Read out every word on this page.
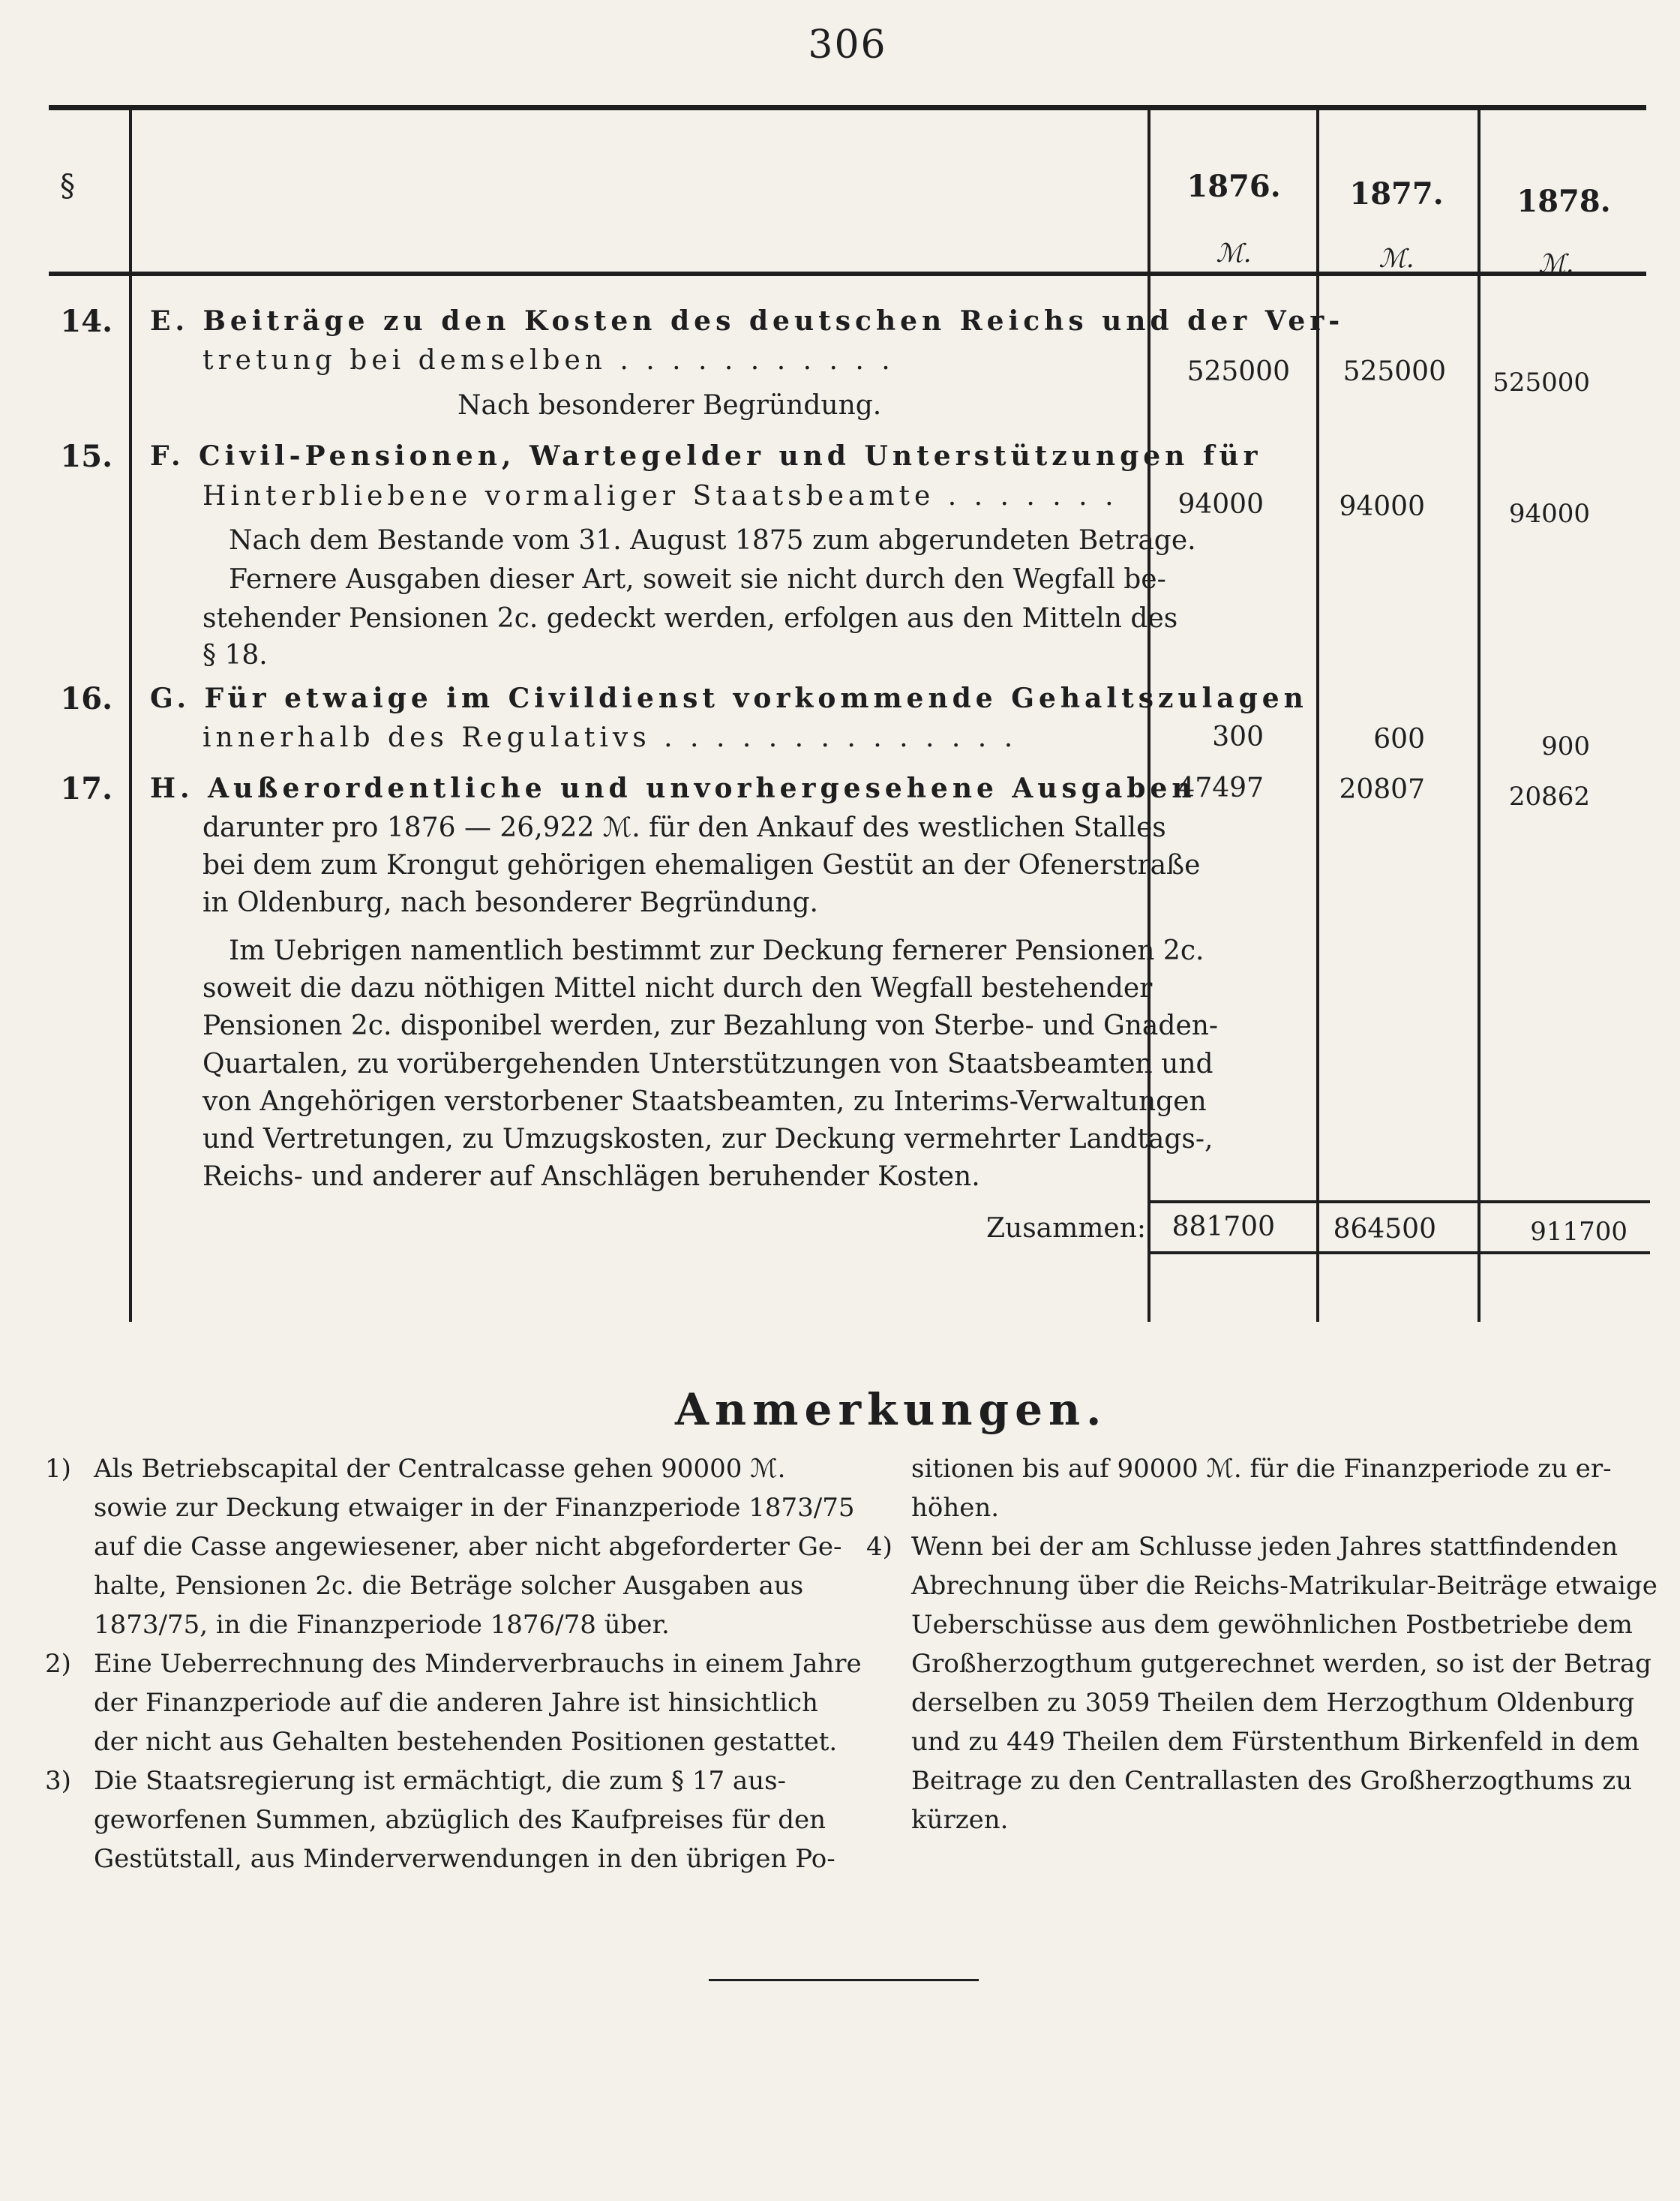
306
§	1876.	1877.	1878.
ℳ.	ℳ.	ℳ.
14. E. Beiträge zu den Kosten des deutschen Reichs und der Ver-
tretung bei demselben . . . . . . . . . . .
Nach besonderer Begründung.
525000	525000	525000
15. F. Civil-Pensionen, Wartegelder und Unterstützungen für
Hinterbliebene vormaliger Staatsbeamte . . . . . . .
Nach dem Bestande vom 31. August 1875 zum abgerundeten Betrage.
Fernere Ausgaben dieser Art, soweit sie nicht durch den Wegfall be-
stehender Pensionen 2c. gedeckt werden, erfolgen aus den Mitteln des
§ 18.
94000	94000	94000
16. G. Für etwaige im Civildienst vorkommende Gehaltszulagen
innerhalb des Regulativs . . . . . . . . . . . . . .	300	600	900
17. H. Außerordentliche und unvorhergesehene Ausgaben
darunter pro 1876 — 26,922 ℳ. für den Ankauf des westlichen Stalles
bei dem zum Krongut gehörigen ehemaligen Gestüt an der Ofenerstraße
in Oldenburg, nach besonderer Begründung.
Im Uebrigen namentlich bestimmt zur Deckung fernerer Pensionen 2c.
soweit die dazu nöthigen Mittel nicht durch den Wegfall bestehender
Pensionen 2c. disponibel werden, zur Bezahlung von Sterbe- und Gnaden-
Quartalen, zu vorübergehenden Unterstützungen von Staatsbeamten und
von Angehörigen verstorbener Staatsbeamten, zu Interims-Verwaltungen
und Vertretungen, zu Umzugskosten, zur Deckung vermehrter Landtags-,
Reichs- und anderer auf Anschlägen beruhender Kosten.
47497	20807	20862
Zusammen: 881700	864500	911700
Anmerkungen.
1) Als Betriebscapital der Centralcasse gehen 90000 ℳ.
sowie zur Deckung etwaiger in der Finanzperiode 1873/75
auf die Casse angewiesener, aber nicht abgeforderter Ge-
halte, Pensionen 2c. die Beträge solcher Ausgaben aus
1873/75, in die Finanzperiode 1876/78 über.
2) Eine Ueberrechnung des Minderverbrauchs in einem Jahre
der Finanzperiode auf die anderen Jahre ist hinsichtlich
der nicht aus Gehalten bestehenden Positionen gestattet.
3) Die Staatsregierung ist ermächtigt, die zum § 17 aus-
geworfenen Summen, abzüglich des Kaufpreises für den
Gestütstall, aus Minderverwendungen in den übrigen Po-
sitionen bis auf 90000 ℳ. für die Finanzperiode zu er-
höhen.
4) Wenn bei der am Schlusse jeden Jahres stattfindenden
Abrechnung über die Reichs-Matrikular-Beiträge etwaige
Ueberschüsse aus dem gewöhnlichen Postbetriebe dem
Großherzogthum gutgerechnet werden, so ist der Betrag
derselben zu 3059 Theilen dem Herzogthum Oldenburg
und zu 449 Theilen dem Fürstenthum Birkenfeld in dem
Beitrage zu den Centrallasten des Großherzogthums zu
kürzen.
